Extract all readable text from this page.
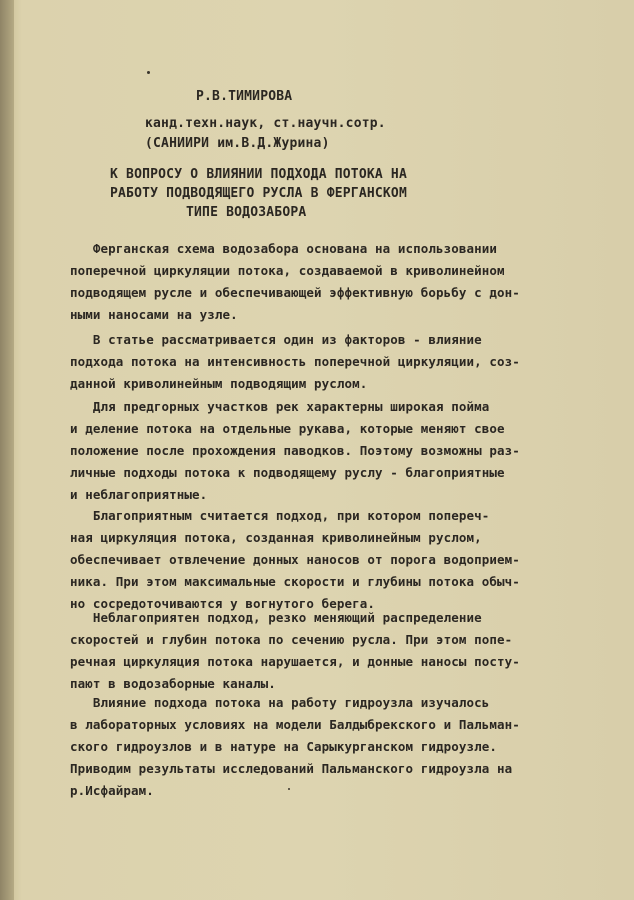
Р.В.ТИМИРОВА
канд.техн.наук, ст.научн.сотр.
(САНИИРИ им.В.Д.Журина)
К ВОПРОСУ О ВЛИЯНИИ ПОДХОДА ПОТОКА НА
РАБОТУ ПОДВОДЯЩЕГО РУСЛА В ФЕРГАНСКОМ
ТИПЕ ВОДОЗАБОРА
Ферганская схема водозабора основана на использовании
поперечной циркуляции потока, создаваемой в криволинейном
подводящем русле и обеспечивающей эффективную борьбу с дон-
ными наносами на узле.
В статье рассматривается один из факторов - влияние
подхода потока на интенсивность поперечной циркуляции, соз-
данной криволинейным подводящим руслом.
Для предгорных участков рек характерны широкая пойма
и деление потока на отдельные рукава, которые меняют свое
положение после прохождения паводков. Поэтому возможны раз-
личные подходы потока к подводящему руслу - благоприятные
и неблагоприятные.
Благоприятным считается подход, при котором попереч-
ная циркуляция потока, созданная криволинейным руслом,
обеспечивает отвлечение донных наносов от порога водоприем-
ника. При этом максимальные скорости и глубины потока обыч-
но сосредоточиваются у вогнутого берега.
Неблагоприятен подход, резко меняющий распределение
скоростей и глубин потока по сечению русла. При этом попе-
речная циркуляция потока нарушается, и донные наносы посту-
пают в водозаборные каналы.
Влияние подхода потока на работу гидроузла изучалось
в лабораторных условиях на модели Балдыбрекского и Пальман-
ского гидроузлов и в натуре на Сарыкурганском гидроузле.
Приводим результаты исследований Пальманского гидроузла на
р.Исфайрам.
